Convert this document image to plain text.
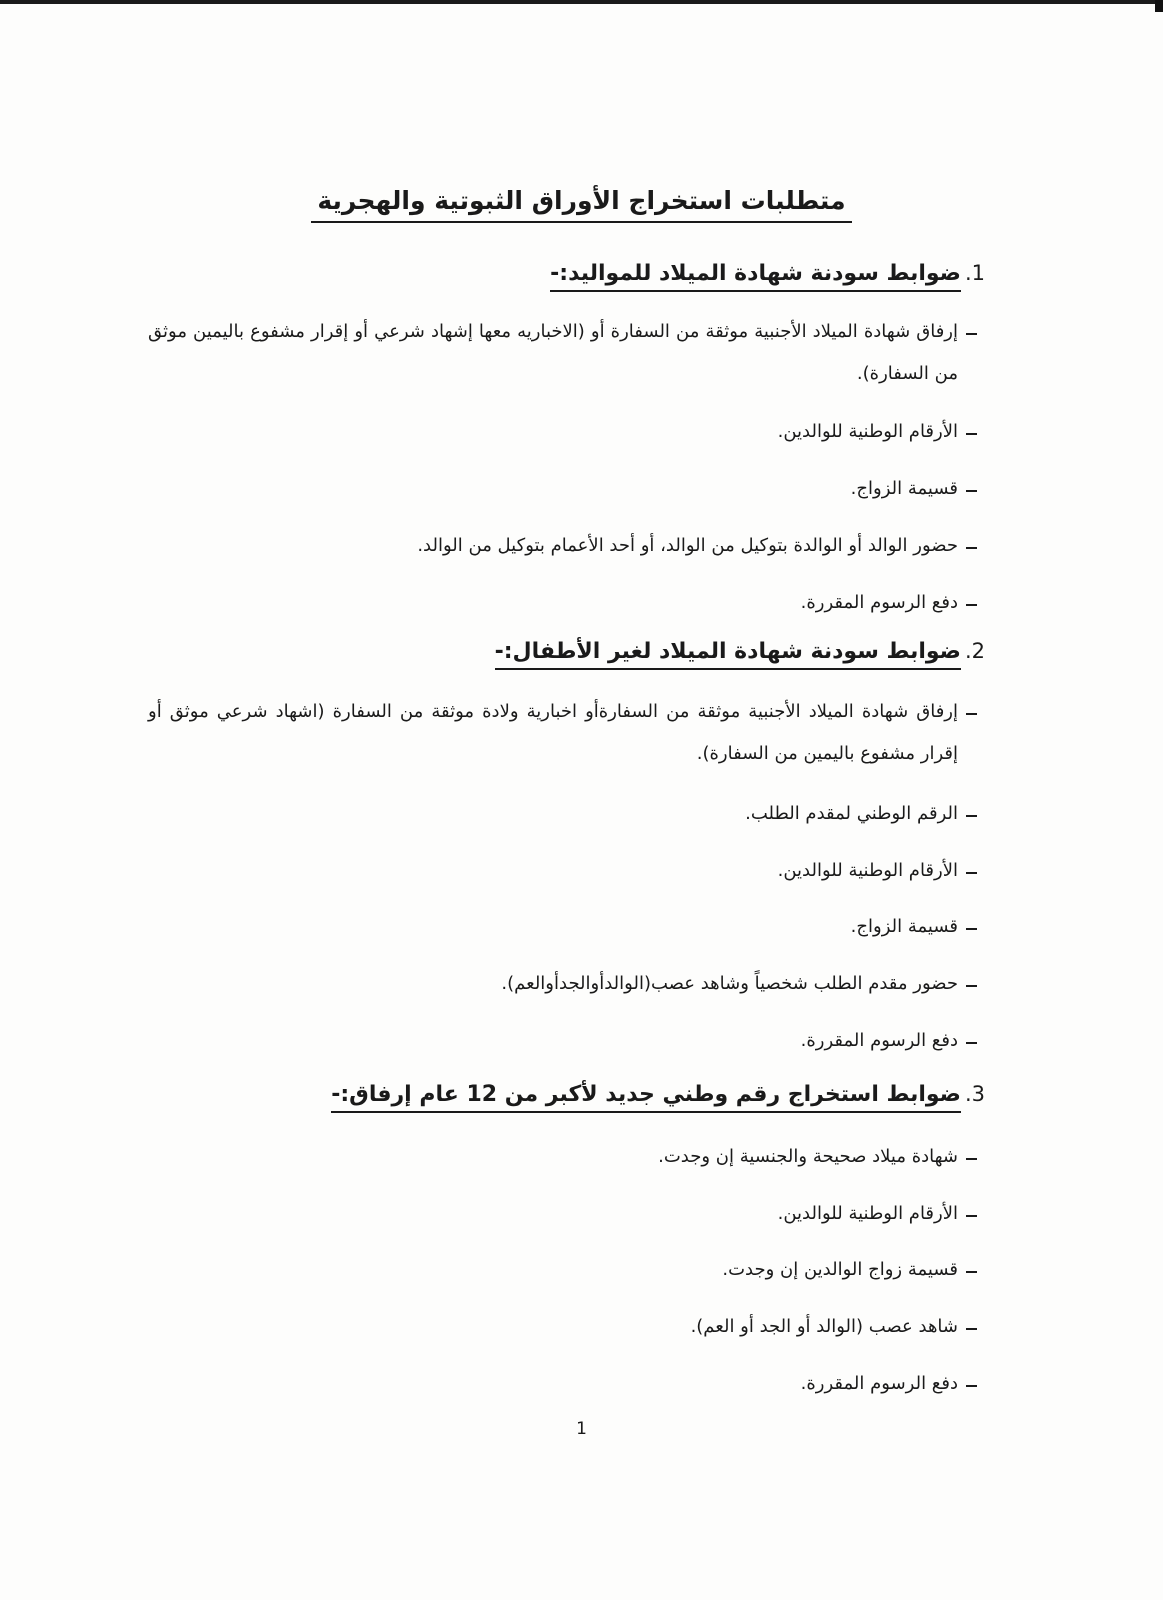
متطلبات استخراج الأوراق الثبوتية والهجرية
1.
ضوابط سودنة شهادة الميلاد للمواليد:-
إرفاق شهادة الميلاد الأجنبية موثقة من السفارة أو (الاخباريه معها إشهاد شرعي أو إقرار مشفوع باليمين موثق من السفارة).
الأرقام الوطنية للوالدين.
قسيمة الزواج.
حضور الوالد أو الوالدة بتوكيل من الوالد، أو أحد الأعمام بتوكيل من الوالد.
دفع الرسوم المقررة.
2.
ضوابط سودنة شهادة الميلاد لغير الأطفال:-
إرفاق شهادة الميلاد الأجنبية موثقة من السفارةأو اخبارية ولادة موثقة من السفارة (اشهاد شرعي موثق أو إقرار مشفوع باليمين من السفارة).
الرقم الوطني لمقدم الطلب.
الأرقام الوطنية للوالدين.
قسيمة الزواج.
حضور مقدم الطلب شخصياً وشاهد عصب(الوالدأوالجدأوالعم).
دفع الرسوم المقررة.
3.
ضوابط استخراج رقم وطني جديد لأكبر من 12 عام إرفاق:-
شهادة ميلاد صحيحة والجنسية إن وجدت.
الأرقام الوطنية للوالدين.
قسيمة زواج الوالدين إن وجدت.
شاهد عصب (الوالد أو الجد أو العم).
دفع الرسوم المقررة.
1
